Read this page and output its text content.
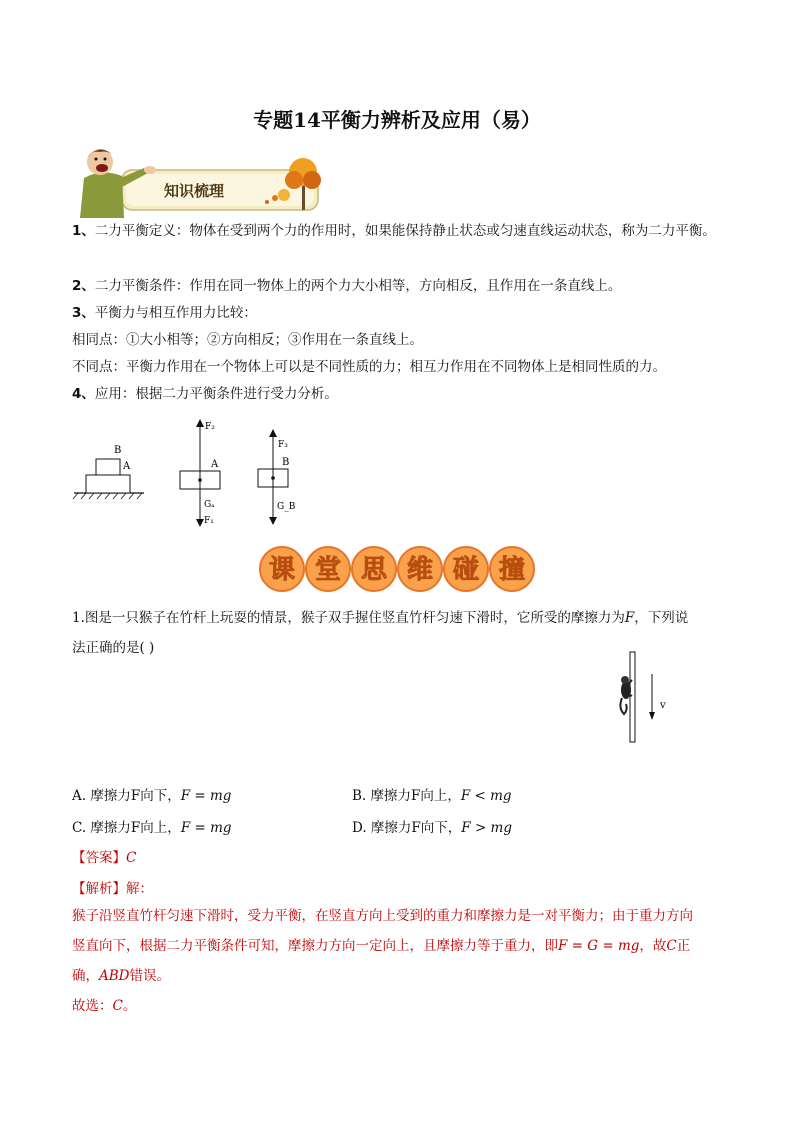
专题14平衡力辨析及应用（易）
知识梳理
1、二力平衡定义：物体在受到两个力的作用时，如果能保持静止状态或匀速直线运动状态，称为二力平衡。
2、二力平衡条件：作用在同一物体上的两个力大小相等，方向相反，且作用在一条直线上。
3、平衡力与相互作用力比较：
相同点：①大小相等；②方向相反；③作用在一条直线上。
不同点：平衡力作用在一个物体上可以是不同性质的力；相互力作用在不同物体上是相同性质的力。
4、应用：根据二力平衡条件进行受力分析。
B
A
F₂
A
Gₐ
F₁
F₃
B
G_B
课 堂 思 维 碰 撞
1.图是一只猴子在竹杆上玩耍的情景，猴子双手握住竖直竹杆匀速下滑时，它所受的摩擦力为F，下列说
法正确的是( )
v
A. 摩擦力F向下，F = mg	B. 摩擦力F向上，F < mg
C. 摩擦力F向上，F = mg	D. 摩擦力F向下，F > mg
【答案】C
【解析】解：
猴子沿竖直竹杆匀速下滑时，受力平衡，在竖直方向上受到的重力和摩擦力是一对平衡力；由于重力方向
竖直向下，根据二力平衡条件可知，摩擦力方向一定向上，且摩擦力等于重力，即F = G = mg，故C正
确，ABD错误。
故选：C。
